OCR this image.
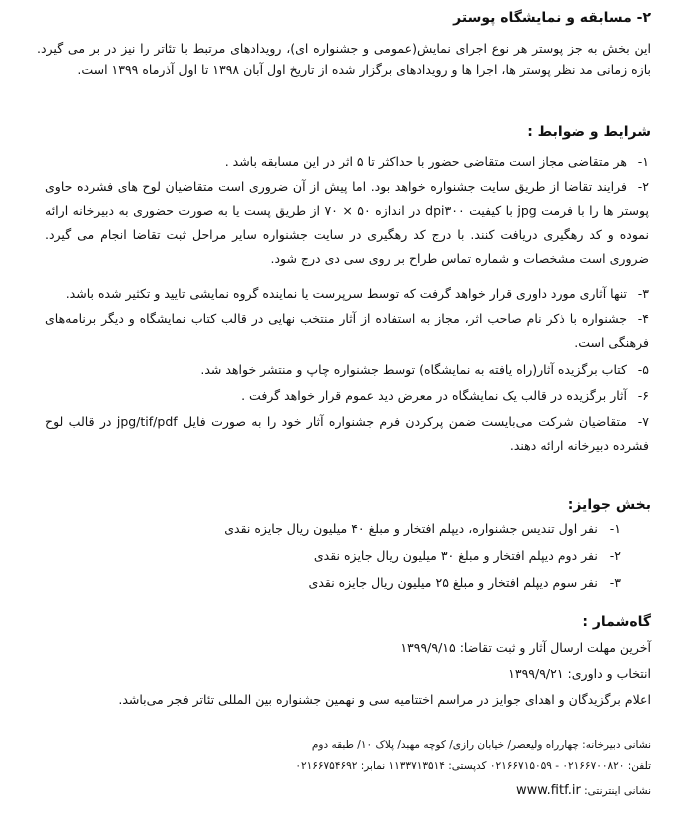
۲- مسابقه و نمایشگاه پوستر
این بخش به جز پوستر هر نوع اجرای نمایش(عمومی و جشنواره ای)، رویدادهای مرتبط با تئاتر را نیز در بر می گیرد. بازه زمانی مد نظر پوستر ها، اجرا ها و رویدادهای برگزار شده از تاریخ اول آبان ۱۳۹۸ تا اول آذرماه ۱۳۹۹ است.
شرایط و ضوابط :
۱-هر متقاضی مجاز است متقاضی حضور با حداکثر تا ۵ اثر در این مسابقه باشد .
۲-فرایند تقاضا از طریق سایت جشنواره خواهد بود. اما پیش از آن ضروری است متقاضیان لوح های فشرده حاوی پوستر ها را با فرمت jpg با کیفیت dpi۳۰۰ در اندازه ۵۰ × ۷۰ از طریق پست یا به صورت حضوری به دبیرخانه ارائه نموده و کد رهگیری دریافت کنند. با درج کد رهگیری در سایت جشنواره سایر مراحل ثبت تقاضا انجام می گیرد. ضروری است مشخصات و شماره تماس طراح بر روی سی دی درج شود.
۳-تنها آثاری مورد داوری قرار خواهد گرفت که توسط سرپرست یا نماینده گروه نمایشی تایید و تکثیر شده باشد.
۴-جشنواره با ذکر نام صاحب اثر، مجاز به استفاده از آثار منتخب نهایی در قالب کتاب نمایشگاه و دیگر برنامه‌های فرهنگی است.
۵-کتاب برگزیده آثار(راه یافته به نمایشگاه) توسط جشنواره چاپ و منتشر خواهد شد.
۶-آثار برگزیده در قالب یک نمایشگاه در معرض دید عموم قرار خواهد گرفت .
۷-متقاضیان شرکت می‌بایست ضمن پرکردن فرم جشنواره آثار خود را به صورت فایل jpg/tif/pdf در قالب لوح فشرده دبیرخانه ارائه دهند.
بخش جوایز:
۱-   نفر اول تندیس جشنواره، دیپلم افتخار و مبلغ ۴۰ میلیون ریال جایزه نقدی
۲-   نفر دوم دیپلم افتخار و مبلغ ۳۰ میلیون ریال جایزه نقدی
۳-   نفر سوم دیپلم افتخار و مبلغ ۲۵ میلیون ریال جایزه نقدی
گاه‌شمار :
آخرین مهلت ارسال آثار و ثبت تقاضا: ۱۳۹۹/۹/۱۵
انتخاب و داوری: ۱۳۹۹/۹/۲۱
اعلام برگزیدگان و اهدای جوایز در مراسم اختتامیه سی و نهمین جشنواره بین المللی تئاتر فجر می‌باشد.
نشانی دبیرخانه: چهارراه ولیعصر/ خیابان رازی/ کوچه مهبد/ پلاک ۱۰/ طبقه دوم
تلفن: ۰۲۱۶۶۷۰۰۸۲۰ - ۰۲۱۶۶۷۱۵۰۵۹ کدپستی: ۱۱۳۳۷۱۳۵۱۴ نمابر: ۰۲۱۶۶۷۵۴۶۹۲
نشانی اینترنتی: www.fitf.ir
